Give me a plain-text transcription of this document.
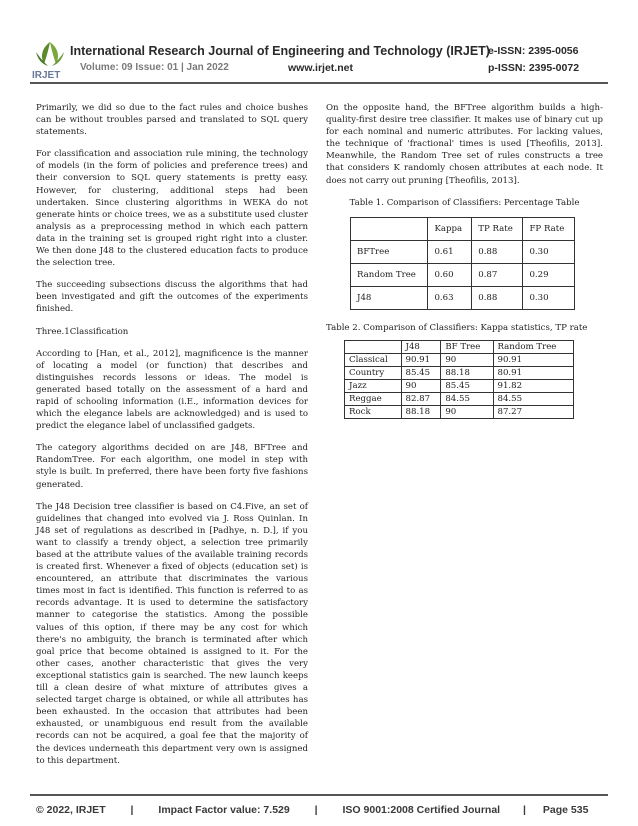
IRJET
International Research Journal of Engineering and Technology (IRJET)
e-ISSN: 2395-0056
Volume: 09 Issue: 01 | Jan 2022	www.irjet.net	p-ISSN: 2395-0072

Primarily, we did so due to the fact rules and choice bushes can be without troubles parsed and translated to SQL query statements.

For classification and association rule mining, the technology of models (in the form of policies and preference trees) and their conversion to SQL query statements is pretty easy. However, for clustering, additional steps had been undertaken. Since clustering algorithms in WEKA do not generate hints or choice trees, we as a substitute used cluster analysis as a preprocessing method in which each pattern data in the training set is grouped right right into a cluster. We then done J48 to the clustered education facts to produce the selection tree.

The succeeding subsections discuss the algorithms that had been investigated and gift the outcomes of the experiments finished.

Three.1Classification

According to [Han, et al., 2012], magnificence is the manner of locating a model (or function) that describes and distinguishes records lessons or ideas. The model is generated based totally on the assessment of a hard and rapid of schooling information (i.E., information devices for which the elegance labels are acknowledged) and is used to predict the elegance label of unclassified gadgets.

The category algorithms decided on are J48, BFTree and RandomTree. For each algorithm, one model in step with style is built. In preferred, there have been forty five fashions generated.

The J48 Decision tree classifier is based on C4.Five, an set of guidelines that changed into evolved via J. Ross Quinlan. In J48 set of regulations as described in [Padhye, n. D.], if you want to classify a trendy object, a selection tree primarily based at the attribute values of the available training records is created first. Whenever a fixed of objects (education set) is encountered, an attribute that discriminates the various times most in fact is identified. This function is referred to as records advantage. It is used to determine the satisfactory manner to categorise the statistics. Among the possible values of this option, if there may be any cost for which there's no ambiguity, the branch is terminated after which goal price that become obtained is assigned to it. For the other cases, another characteristic that gives the very exceptional statistics gain is searched. The new launch keeps till a clean desire of what mixture of attributes gives a selected target charge is obtained, or while all attributes has been exhausted. In the occasion that attributes had been exhausted, or unambiguous end result from the available records can not be acquired, a goal fee that the majority of the devices underneath this department very own is assigned to this department.

On the opposite hand, the BFTree algorithm builds a high-quality-first desire tree classifier. It makes use of binary cut up for each nominal and numeric attributes. For lacking values, the technique of 'fractional' times is used [Theofilis, 2013]. Meanwhile, the Random Tree set of rules constructs a tree that considers K randomly chosen attributes at each node. It does not carry out pruning [Theofilis, 2013].

Table 1. Comparison of Classifiers: Percentage Table
	Kappa	TP Rate	FP Rate
BFTree	0.61	0.88	0.30
Random Tree	0.60	0.87	0.29
J48	0.63	0.88	0.30
Table 2. Comparison of Classifiers: Kappa statistics, TP rate
	J48	BF Tree	Random Tree
Classical	90.91	90	90.91
Country	85.45	88.18	80.91
Jazz	90	85.45	91.82
Reggae	82.87	84.55	84.55
Rock	88.18	90	87.27
© 2022, IRJET | Impact Factor value: 7.529 | ISO 9001:2008 Certified Journal | Page 535
